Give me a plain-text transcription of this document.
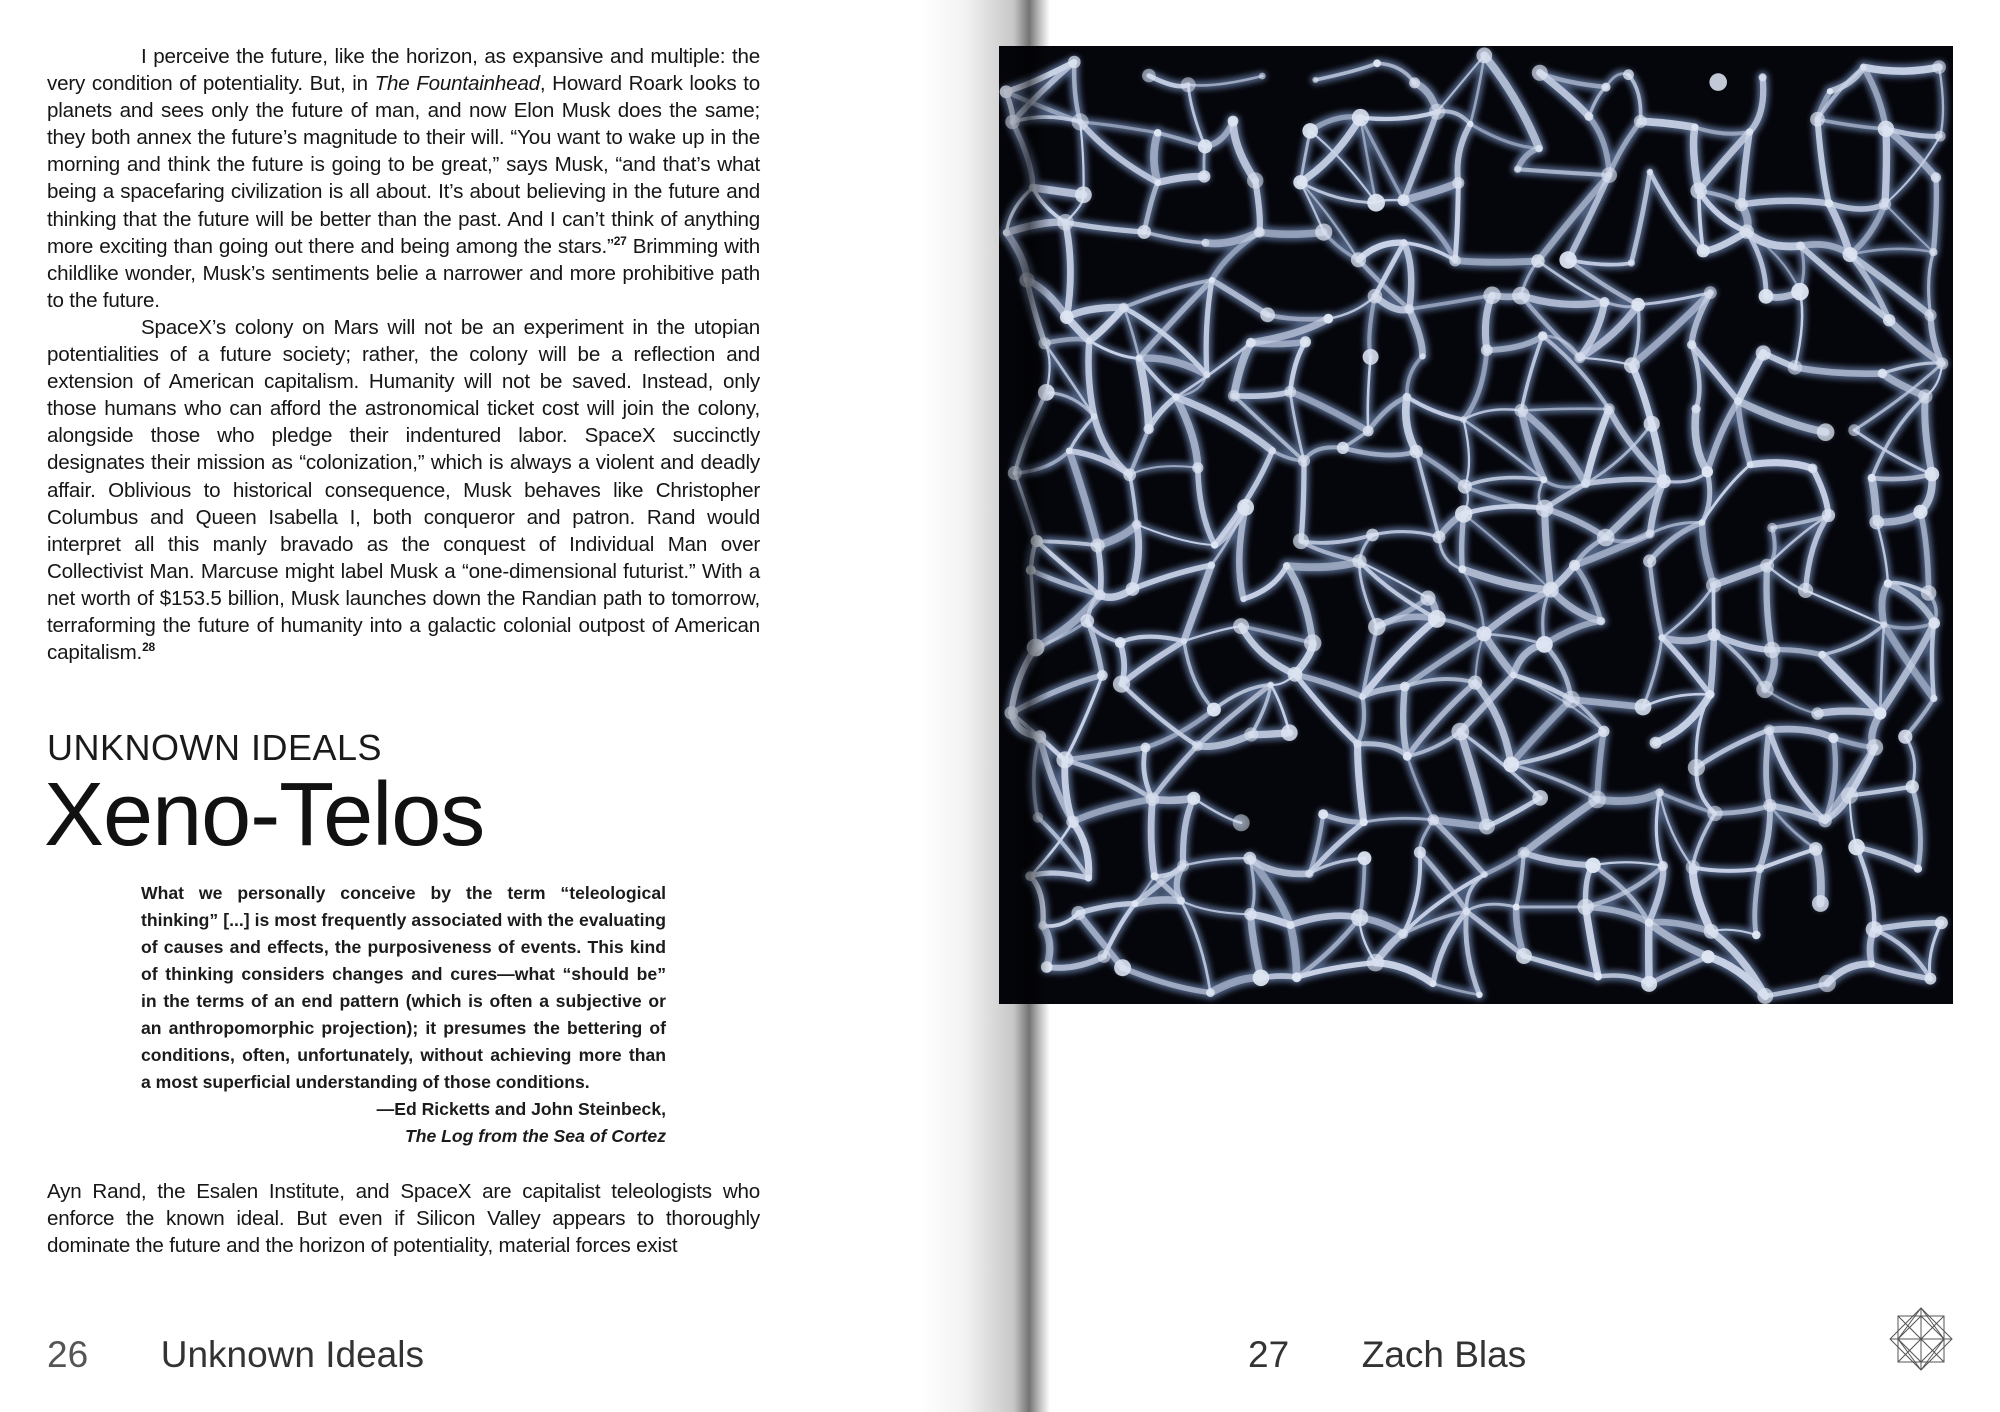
I perceive the future, like the horizon, as expansive and multiple: the very condition of potentiality. But, in The Fountainhead, Howard Roark looks to planets and sees only the future of man, and now Elon Musk does the same; they both annex the future’s magnitude to their will. “You want to wake up in the morning and think the future is going to be great,” says Musk, “and that’s what being a spacefaring civilization is all about. It’s about believing in the future and thinking that the future will be better than the past. And I can’t think of anything more exciting than going out there and being among the stars.”$^{27}$ Brimming with childlike wonder, Musk’s sentiments belie a narrower and more prohibitive path to the future.

SpaceX’s colony on Mars will not be an experiment in the utopian potentialities of a future society; rather, the colony will be a reflection and extension of American capitalism. Humanity will not be saved. Instead, only those humans who can afford the astronomical ticket cost will join the colony, alongside those who pledge their indentured labor. SpaceX succinctly designates their mission as “colonization,” which is always a violent and deadly affair. Oblivious to historical consequence, Musk behaves like Christopher Columbus and Queen Isabella I, both conqueror and patron. Rand would interpret all this manly bravado as the conquest of Individual Man over Collectivist Man. Marcuse might label Musk a “one-dimensional futurist.” With a net worth of $153.5 billion, Musk launches down the Randian path to tomorrow, terraforming the future of humanity into a galactic colonial outpost of American capitalism.$^{28}$

UNKNOWN IDEALS
Xeno-Telos
What we personally conceive by the term “teleological thinking” [...] is most frequently associated with the evaluating of causes and effects, the purposiveness of events. This kind of thinking considers changes and cures—what “should be” in the terms of an end pattern (which is often a subjective or an anthropomorphic projection); it presumes the bettering of conditions, often, unfortunately, without achieving more than a most superficial understanding of those conditions.
—Ed Ricketts and John Steinbeck,
The Log from the Sea of Cortez

Ayn Rand, the Esalen Institute, and SpaceX are capitalist teleologists who enforce the known ideal. But even if Silicon Valley appears to thoroughly dominate the future and the horizon of potentiality, material forces exist

26 Unknown Ideals	27 Zach Blas
